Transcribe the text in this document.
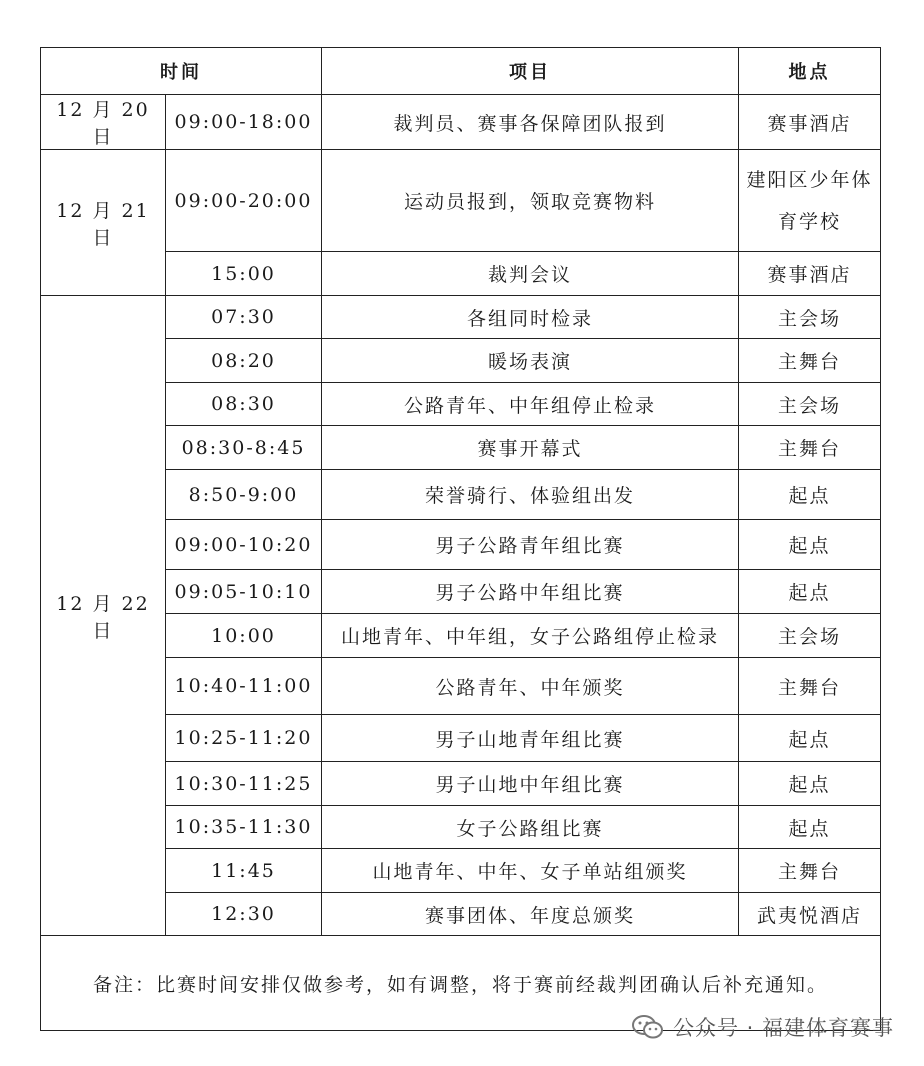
时间		项目	地点
12 月 20 日	09:00-18:00	裁判员、赛事各保障团队报到	赛事酒店
12 月 21 日	09:00-20:00	运动员报到，领取竞赛物料	建阳区少年体育学校
	15:00	裁判会议	赛事酒店
12 月 22 日	07:30	各组同时检录	主会场
	08:20	暖场表演	主舞台
	08:30	公路青年、中年组停止检录	主会场
	08:30-8:45	赛事开幕式	主舞台
	8:50-9:00	荣誉骑行、体验组出发	起点
	09:00-10:20	男子公路青年组比赛	起点
	09:05-10:10	男子公路中年组比赛	起点
	10:00	山地青年、中年组，女子公路组停止检录	主会场
	10:40-11:00	公路青年、中年颁奖	主舞台
	10:25-11:20	男子山地青年组比赛	起点
	10:30-11:25	男子山地中年组比赛	起点
	10:35-11:30	女子公路组比赛	起点
	11:45	山地青年、中年、女子单站组颁奖	主舞台
	12:30	赛事团体、年度总颁奖	武夷悦酒店
备注：比赛时间安排仅做参考，如有调整，将于赛前经裁判团确认后补充通知。			
公众号 · 福建体育赛事
